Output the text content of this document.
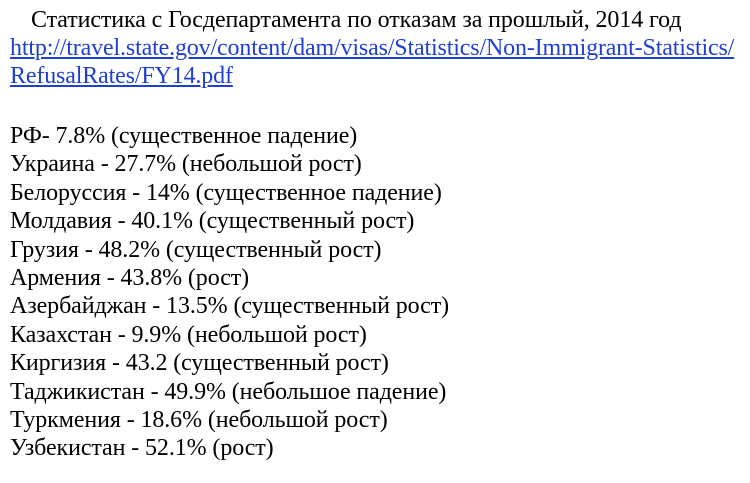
Статистика с Госдепартамента по отказам за прошлый, 2014 год
http://travel.state.gov/content/dam/visas/Statistics/Non-Immigrant-Statistics/RefusalRates/FY14.pdf
РФ- 7.8% (существенное падение)
Украина - 27.7% (небольшой рост)
Белоруссия - 14% (существенное падение)
Молдавия - 40.1% (существенный рост)
Грузия - 48.2% (существенный рост)
Армения - 43.8% (рост)
Азербайджан - 13.5% (существенный рост)
Казахстан - 9.9% (небольшой рост)
Киргизия - 43.2 (существенный рост)
Таджикистан - 49.9% (небольшое падение)
Туркмения - 18.6% (небольшой рост)
Узбекистан - 52.1% (рост)
